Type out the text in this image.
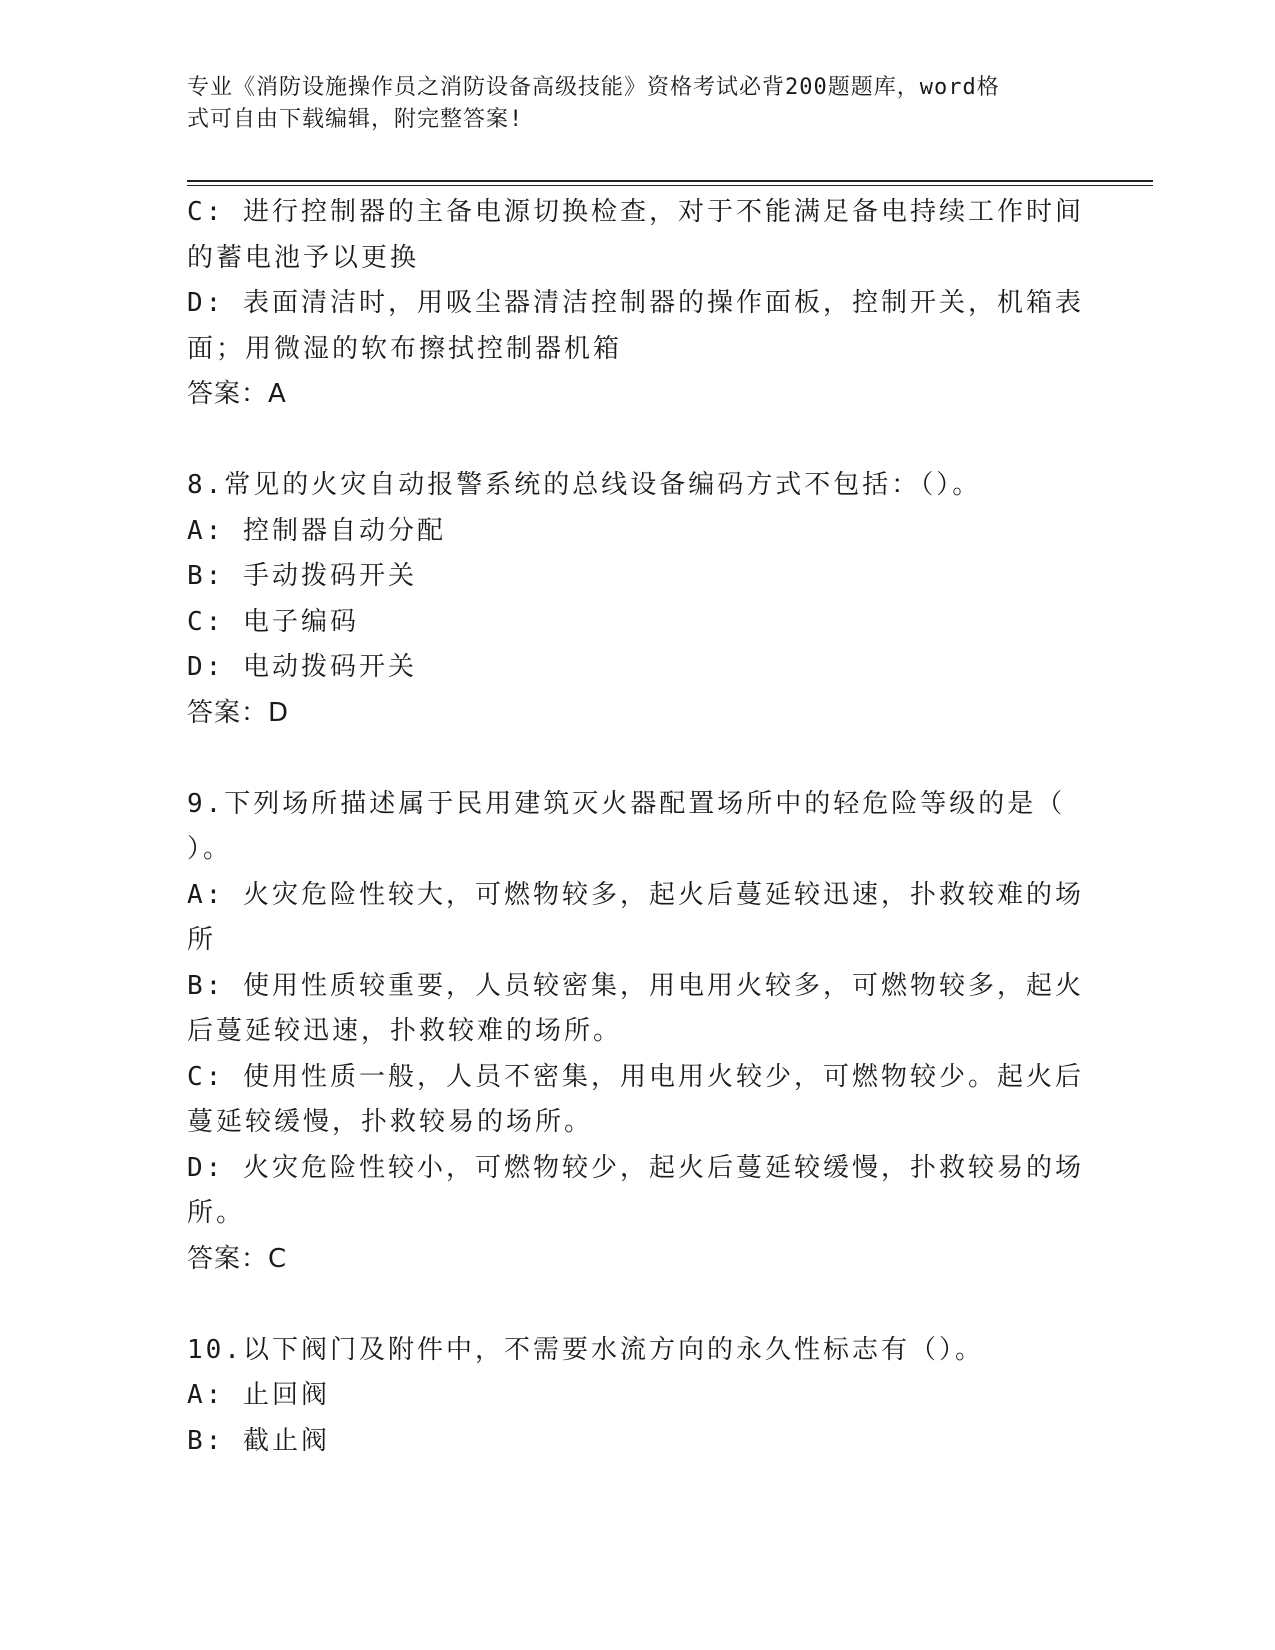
专业《消防设施操作员之消防设备高级技能》资格考试必背200题题库，word格
式可自由下载编辑，附完整答案!
C: 进行控制器的主备电源切换检查，对于不能满足备电持续工作时间
的蓄电池予以更换
D: 表面清洁时，用吸尘器清洁控制器的操作面板，控制开关，机箱表
面；用微湿的软布擦拭控制器机箱
答案：A
8.常见的火灾自动报警系统的总线设备编码方式不包括：（）。
A: 控制器自动分配
B: 手动拨码开关
C: 电子编码
D: 电动拨码开关
答案：D
9.下列场所描述属于民用建筑灭火器配置场所中的轻危险等级的是（
）。
A: 火灾危险性较大，可燃物较多，起火后蔓延较迅速，扑救较难的场
所
B: 使用性质较重要，人员较密集，用电用火较多，可燃物较多，起火
后蔓延较迅速，扑救较难的场所。
C: 使用性质一般，人员不密集，用电用火较少，可燃物较少。起火后
蔓延较缓慢，扑救较易的场所。
D: 火灾危险性较小，可燃物较少，起火后蔓延较缓慢，扑救较易的场
所。
答案：C
10.以下阀门及附件中，不需要水流方向的永久性标志有（）。
A: 止回阀
B: 截止阀
